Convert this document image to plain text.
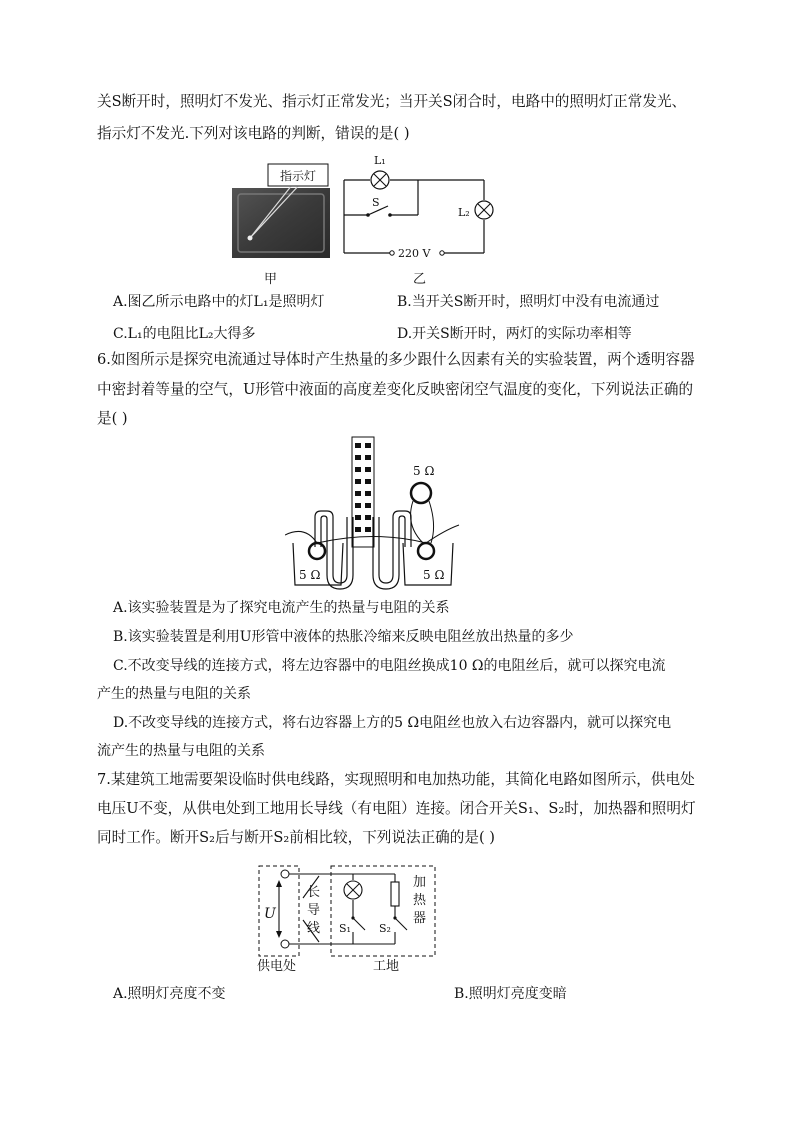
关S断开时，照明灯不发光、指示灯正常发光；当开关S闭合时，电路中的照明灯正常发光、
指示灯不发光.下列对该电路的判断，错误的是( )
指示灯
L₁
L₂
S
220 V
甲	乙
A.图乙所示电路中的灯L₁是照明灯	B.当开关S断开时，照明灯中没有电流通过
C.L₁的电阻比L₂大得多	D.开关S断开时，两灯的实际功率相等
6.如图所示是探究电流通过导体时产生热量的多少跟什么因素有关的实验装置，两个透明容器
中密封着等量的空气，U形管中液面的高度差变化反映密闭空气温度的变化，下列说法正确的
是( )
5 Ω
5 Ω	5 Ω
A.该实验装置是为了探究电流产生的热量与电阻的关系
B.该实验装置是利用U形管中液体的热胀冷缩来反映电阻丝放出热量的多少
C.不改变导线的连接方式，将左边容器中的电阻丝换成10 Ω的电阻丝后，就可以探究电流
产生的热量与电阻的关系
D.不改变导线的连接方式，将右边容器上方的5 Ω电阻丝也放入右边容器内，就可以探究电
流产生的热量与电阻的关系
7.某建筑工地需要架设临时供电线路，实现照明和电加热功能，其简化电路如图所示，供电处
电压U不变，从供电处到工地用长导线（有电阻）连接。闭合开关S₁、S₂时，加热器和照明灯
同时工作。断开S₂后与断开S₂前相比较，下列说法正确的是( )
U
长
导
线
加
热
器
S₁	S₂
供电处	工地
A.照明灯亮度不变	B.照明灯亮度变暗
